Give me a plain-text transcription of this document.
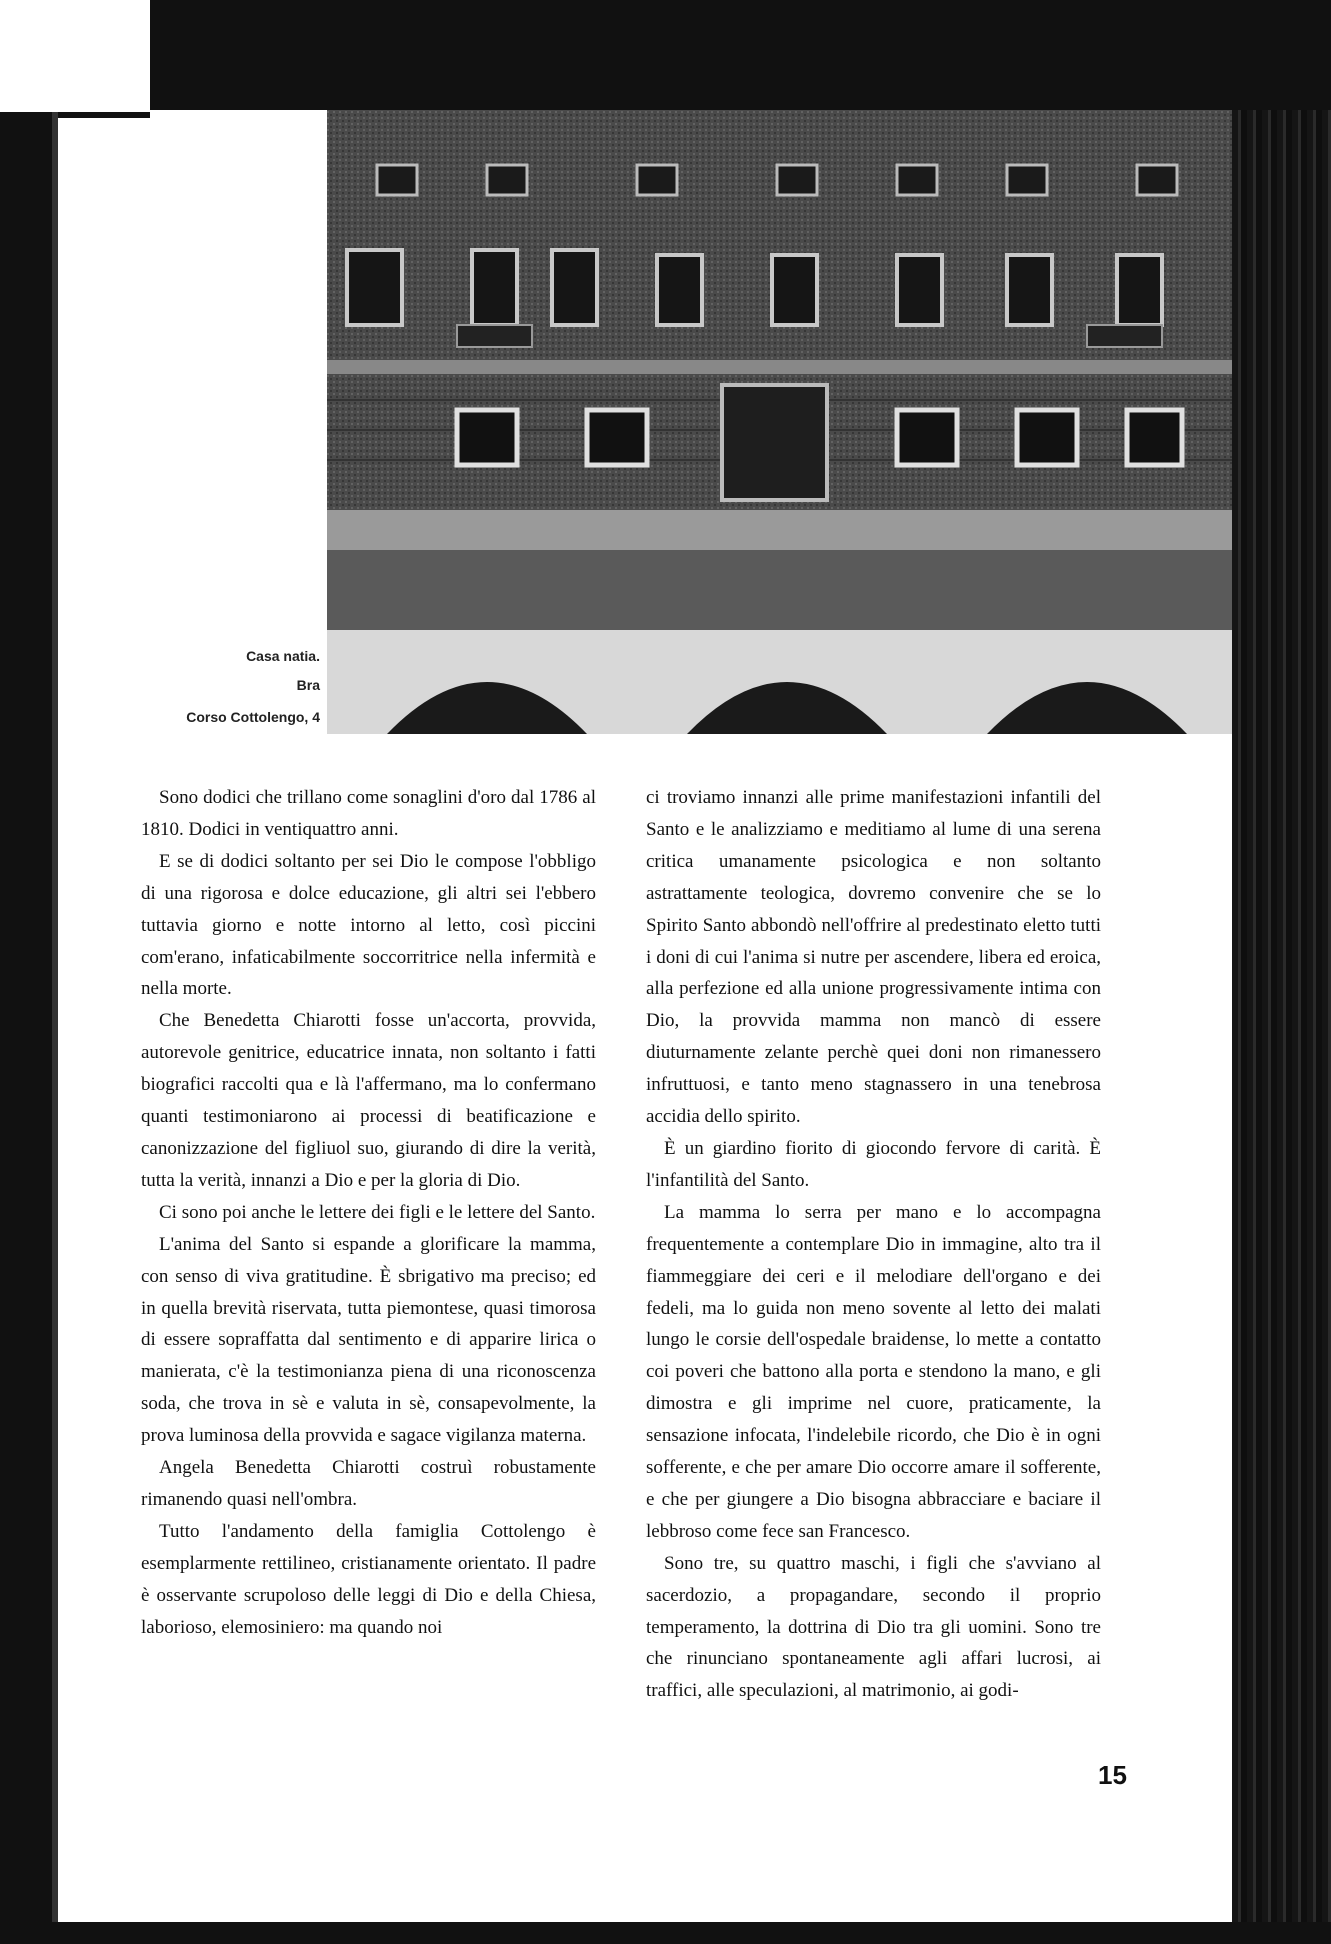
Casa natia.
Bra
Corso Cottolengo, 4

Sono dodici che trillano come sonaglini d'oro dal 1786 al 1810. Dodici in ventiquattro anni.

E se di dodici soltanto per sei Dio le compose l'obbligo di una rigorosa e dolce educazione, gli altri sei l'ebbero tuttavia giorno e notte intorno al letto, così piccini com'erano, infaticabilmente soccorritrice nella infermità e nella morte.

Che Benedetta Chiarotti fosse un'accorta, provvida, autorevole genitrice, educatrice innata, non soltanto i fatti biografici raccolti qua e là l'affermano, ma lo confermano quanti testimoniarono ai processi di beatificazione e canonizzazione del figliuol suo, giurando di dire la verità, tutta la verità, innanzi a Dio e per la gloria di Dio.

Ci sono poi anche le lettere dei figli e le lettere del Santo.

L'anima del Santo si espande a glorificare la mamma, con senso di viva gratitudine. È sbrigativo ma preciso; ed in quella brevità riservata, tutta piemontese, quasi timorosa di essere sopraffatta dal sentimento e di apparire lirica o manierata, c'è la testimonianza piena di una riconoscenza soda, che trova in sè e valuta in sè, consapevolmente, la prova luminosa della provvida e sagace vigilanza materna.

Angela Benedetta Chiarotti costruì robustamente rimanendo quasi nell'ombra.

Tutto l'andamento della famiglia Cottolengo è esemplarmente rettilineo, cristianamente orientato. Il padre è osservante scrupoloso delle leggi di Dio e della Chiesa, laborioso, elemosiniero: ma quando noi

ci troviamo innanzi alle prime manifestazioni infantili del Santo e le analizziamo e meditiamo al lume di una serena critica umanamente psicologica e non soltanto astrattamente teologica, dovremo convenire che se lo Spirito Santo abbondò nell'offrire al predestinato eletto tutti i doni di cui l'anima si nutre per ascendere, libera ed eroica, alla perfezione ed alla unione progressivamente intima con Dio, la provvida mamma non mancò di essere diuturnamente zelante perchè quei doni non rimanessero infruttuosi, e tanto meno stagnassero in una tenebrosa accidia dello spirito.

È un giardino fiorito di giocondo fervore di carità. È l'infantilità del Santo.

La mamma lo serra per mano e lo accompagna frequentemente a contemplare Dio in immagine, alto tra il fiammeggiare dei ceri e il melodiare dell'organo e dei fedeli, ma lo guida non meno sovente al letto dei malati lungo le corsie dell'ospedale braidense, lo mette a contatto coi poveri che battono alla porta e stendono la mano, e gli dimostra e gli imprime nel cuore, praticamente, la sensazione infocata, l'indelebile ricordo, che Dio è in ogni sofferente, e che per amare Dio occorre amare il sofferente, e che per giungere a Dio bisogna abbracciare e baciare il lebbroso come fece san Francesco.

Sono tre, su quattro maschi, i figli che s'avviano al sacerdozio, a propagandare, secondo il proprio temperamento, la dottrina di Dio tra gli uomini. Sono tre che rinunciano spontaneamente agli affari lucrosi, ai traffici, alle speculazioni, al matrimonio, ai godi-

15
